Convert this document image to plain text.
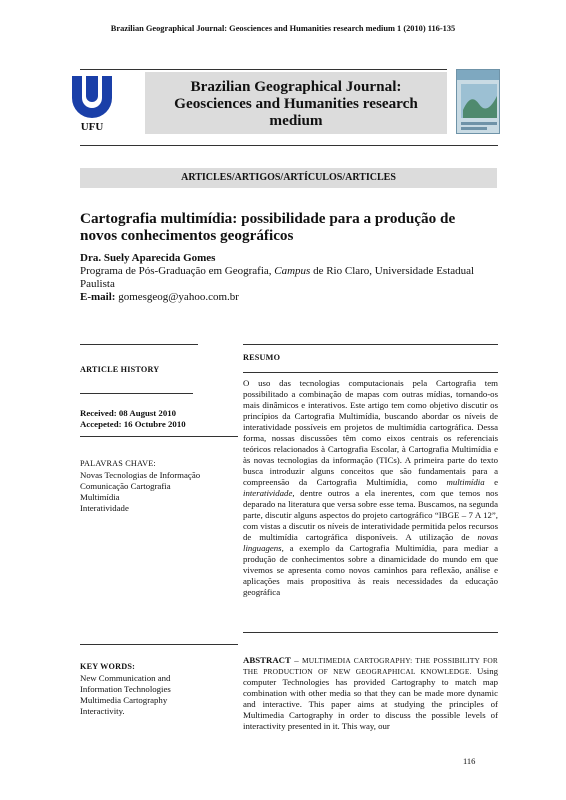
Brazilian Geographical Journal: Geosciences and Humanities research medium 1 (2010) 116-135
UFU
Brazilian Geographical Journal:
Geosciences and Humanities research
medium
ARTICLES/ARTIGOS/ARTÍCULOS/ARTICLES
Cartografia multimídia: possibilidade para a produção de
novos conhecimentos geográficos
Dra. Suely Aparecida Gomes
Programa de Pós-Graduação em Geografia, Campus de Rio Claro, Universidade Estadual Paulista
E-mail: gomesgeog@yahoo.com.br
ARTICLE HISTORY
RESUMO
Received: 08 August 2010
Accepeted: 16 Octubre 2010
PALAVRAS CHAVE:
Novas Tecnologias de Informação
Comunicação Cartografia
Multimídia
Interatividade
O uso das tecnologias computacionais pela Cartografia tem possibilitado a combinação de mapas com outras mídias, tornando-os mais dinâmicos e interativos. Este artigo tem como objetivo discutir os princípios da Cartografia Multimídia, buscando abordar os níveis de interatividade possíveis em projetos de multimídia cartográfica. Dessa forma, nossas discussões têm como eixos centrais os referenciais teóricos relacionados à Cartografia Escolar, à Cartografia Multimídia e às novas tecnologias da informação (TICs). A primeira parte do texto busca introduzir alguns conceitos que são fundamentais para a compreensão da Cartografia Multimídia, como multimídia e interatividade, dentre outros a ela inerentes, com que temos nos deparado na literatura que versa sobre esse tema. Buscamos, na segunda parte, discutir alguns aspectos do projeto cartográfico “IBGE – 7 A 12”, com vistas a discutir os níveis de interatividade permitida pelos recursos de multimídia cartográfica disponíveis. A utilização de novas linguagens, a exemplo da Cartografia Multimídia, para mediar a produção de conhecimentos sobre a dinamicidade do mundo em que vivemos se apresenta como novos caminhos para reflexão, análise e aplicações mais propositiva às reais necessidades da educação geográfica
KEY WORDS:
New Communication and
Information Technologies
Multimedia Cartography
Interactivity.
ABSTRACT – MULTIMEDIA CARTOGRAPHY: THE POSSIBILITY FOR THE PRODUCTION OF NEW GEOGRAPHICAL KNOWLEDGE. Using computer Technologies has provided Cartography to match map combination with other media so that they can be made more dynamic and interactive. This paper aims at studying the principles of Multimedia Cartography in order to discuss the possible levels of interactivity presented in it. This way, our
116
